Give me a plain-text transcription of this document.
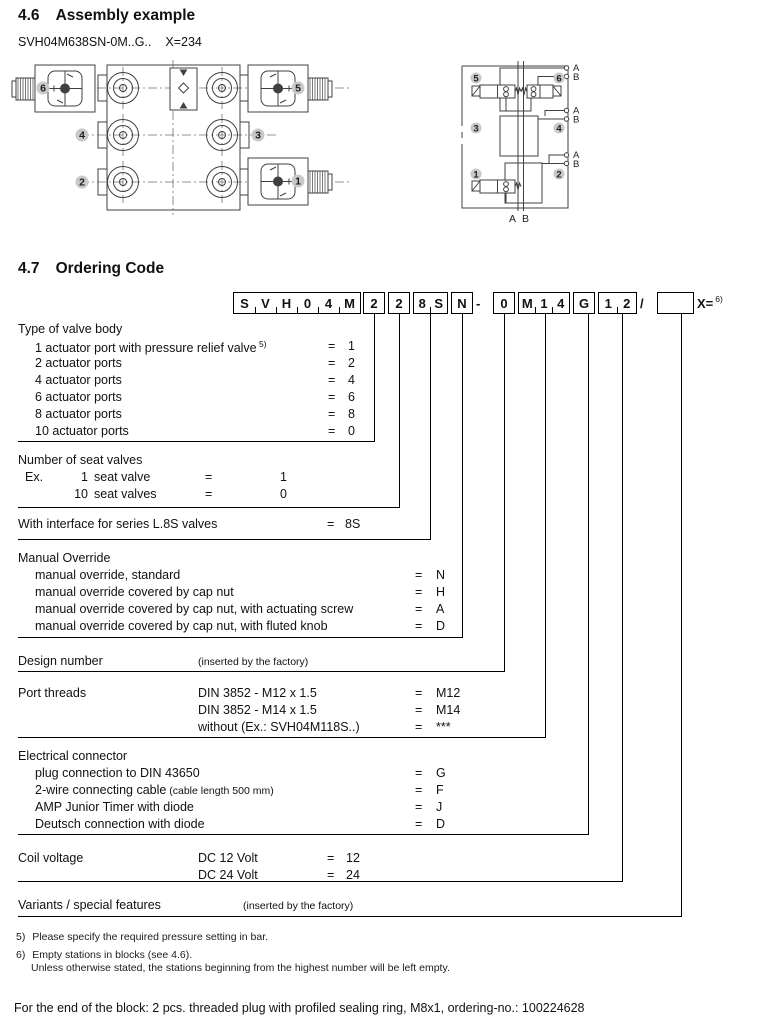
4.6 Assembly example
SVH04M638SN-0M..G.. X=234
6	5
4	3
2	1
A
B
A
B
A
B
A B
5	6
3	4
1	2
4.7 Ordering Code
S V H 0	4 M	2	2	8 S	N -	0	M 1 4	G	1 2 /	X=$^{6)}$
Type of valve body
1 actuator port with pressure relief valve $^{5)}$	= 1
2 actuator ports	= 2
4 actuator ports	= 4
6 actuator ports	= 6
8 actuator ports	= 8
10 actuator ports	= 0
Number of seat valves
Ex.	1 seat valve	=	1
10 seat valves	=	0
With interface for series L.8S valves	= 8S
Manual Override
manual override, standard	= N
manual override covered by cap nut	= H
manual override covered by cap nut, with actuating screw	= A
manual override covered by cap nut, with fluted knob	= D
Design number	(inserted by the factory)
Port threads	DIN 3852 - M12 x 1.5	= M12
DIN 3852 - M14 x 1.5	= M14
without (Ex.: SVH04M118S..)	= ***
Electrical connector
plug connection to DIN 43650	= G
2-wire connecting cable (cable length 500 mm)	= F
AMP Junior Timer with diode	= J
Deutsch connection with diode	= D
Coil voltage	DC 12 Volt	= 12
DC 24 Volt	= 24
Variants / special features	(inserted by the factory)
5) Please specify the required pressure setting in bar.
6) Empty stations in blocks (see 4.6).
Unless otherwise stated, the stations beginning from the highest number will be left empty.
For the end of the block: 2 pcs. threaded plug with profiled sealing ring, M8x1, ordering-no.: 100224628
